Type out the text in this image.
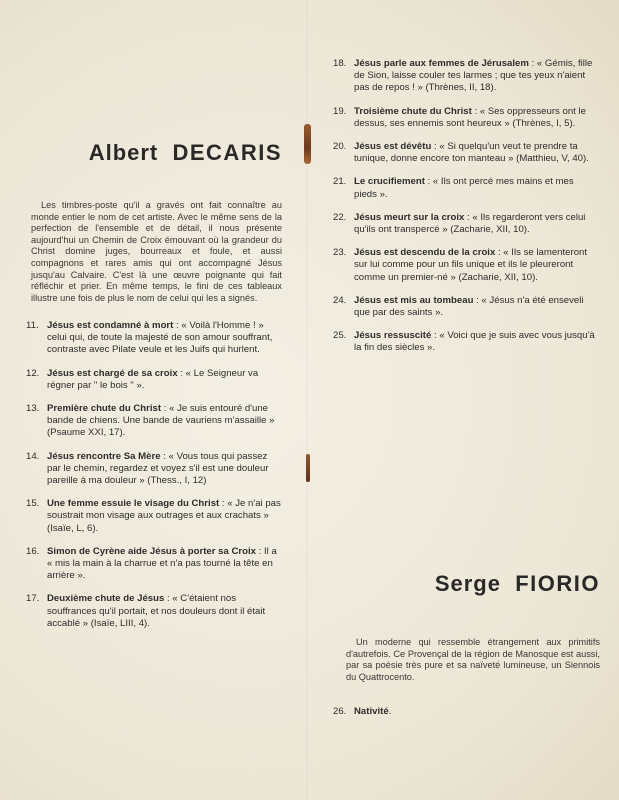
Albert DECARIS

Les timbres-poste qu'il a gravés ont fait connaître au monde entier le nom de cet artiste. Avec le même sens de la perfection de l'ensemble et de détail, il nous présente aujourd'hui un Chemin de Croix émouvant où la grandeur du Christ domine juges, bourreaux et foule, et aussi compagnons et rares amis qui ont accompagné Jésus jusqu'au Calvaire. C'est là une œuvre poignante qui fait réfléchir et prier. En même temps, le fini de ces tableaux illustre une fois de plus le nom de celui qui les a signés.

11. Jésus est condamné à mort : « Voilà l'Homme ! » celui qui, de toute la majesté de son amour souffrant, contraste avec Pilate veule et les Juifs qui hurlent.
12. Jésus est chargé de sa croix : « Le Seigneur va régner par " le bois " ».
13. Première chute du Christ : « Je suis entouré d'une bande de chiens. Une bande de vauriens m'assaille » (Psaume XXI, 17).
14. Jésus rencontre Sa Mère : « Vous tous qui passez par le chemin, regardez et voyez s'il est une douleur pareille à ma douleur » (Thess., I, 12)
15. Une femme essuie le visage du Christ : « Je n'ai pas soustrait mon visage aux outrages et aux crachats » (Isaïe, L, 6).
16. Simon de Cyrène aide Jésus à porter sa Croix : Il a « mis la main à la charrue et n'a pas tourné la tête en arrière ».
17. Deuxième chute de Jésus : « C'étaient nos souffrances qu'il portait, et nos douleurs dont il était accablé » (Isaïe, LIII, 4).
18. Jésus parle aux femmes de Jérusalem : « Gémis, fille de Sion, laisse couler tes larmes ; que tes yeux n'aient pas de repos ! » (Thrènes, II, 18).
19. Troisième chute du Christ : « Ses oppresseurs ont le dessus, ses ennemis sont heureux » (Thrènes, I, 5).
20. Jésus est dévêtu : « Si quelqu'un veut te prendre ta tunique, donne encore ton manteau » (Matthieu, V, 40).
21. Le crucifiement : « Ils ont percé mes mains et mes pieds ».
22. Jésus meurt sur la croix : « Ils regarderont vers celui qu'ils ont transpercé » (Zacharie, XII, 10).
23. Jésus est descendu de la croix : « Ils se lamenteront sur lui comme pour un fils unique et ils le pleureront comme un premier-né » (Zacharie, XII, 10).
24. Jésus est mis au tombeau : « Jésus n'a été enseveli que par des saints ».
25. Jésus ressuscité : « Voici que je suis avec vous jusqu'à la fin des siècles ».
Serge FIORIO

Un moderne qui ressemble étrangement aux primitifs d'autrefois. Ce Provençal de la région de Manosque est aussi, par sa poésie très pure et sa naïveté lumineuse, un Siennois du Quattrocento.

26. Nativité.
